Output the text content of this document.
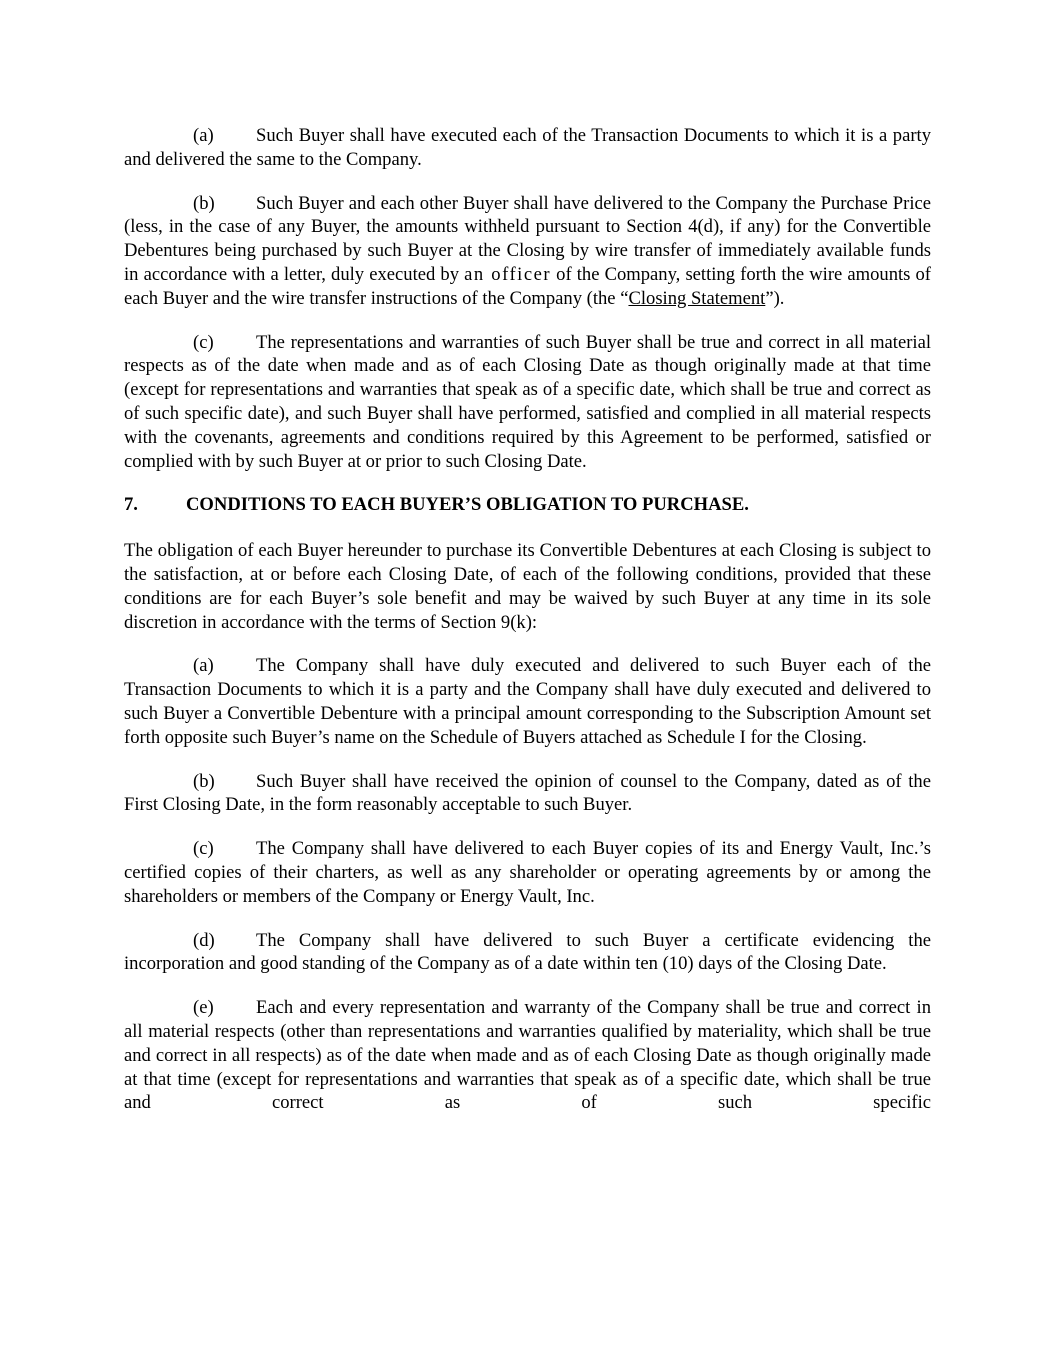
(a) Such Buyer shall have executed each of the Transaction Documents to which it is a party and delivered the same to the Company.

(b) Such Buyer and each other Buyer shall have delivered to the Company the Purchase Price (less, in the case of any Buyer, the amounts withheld pursuant to Section 4(d), if any) for the Convertible Debentures being purchased by such Buyer at the Closing by wire transfer of immediately available funds in accordance with a letter, duly executed by an officer of the Company, setting forth the wire amounts of each Buyer and the wire transfer instructions of the Company (the “Closing Statement”).

(c) The representations and warranties of such Buyer shall be true and correct in all material respects as of the date when made and as of each Closing Date as though originally made at that time (except for representations and warranties that speak as of a specific date, which shall be true and correct as of such specific date), and such Buyer shall have performed, satisfied and complied in all material respects with the covenants, agreements and conditions required by this Agreement to be performed, satisfied or complied with by such Buyer at or prior to such Closing Date.

7.	CONDITIONS TO EACH BUYER’S OBLIGATION TO PURCHASE.

The obligation of each Buyer hereunder to purchase its Convertible Debentures at each Closing is subject to the satisfaction, at or before each Closing Date, of each of the following conditions, provided that these conditions are for each Buyer’s sole benefit and may be waived by such Buyer at any time in its sole discretion in accordance with the terms of Section 9(k):

(a) The Company shall have duly executed and delivered to such Buyer each of the Transaction Documents to which it is a party and the Company shall have duly executed and delivered to such Buyer a Convertible Debenture with a principal amount corresponding to the Subscription Amount set forth opposite such Buyer’s name on the Schedule of Buyers attached as Schedule I for the Closing.

(b) Such Buyer shall have received the opinion of counsel to the Company, dated as of the First Closing Date, in the form reasonably acceptable to such Buyer.

(c) The Company shall have delivered to each Buyer copies of its and Energy Vault, Inc.’s certified copies of their charters, as well as any shareholder or operating agreements by or among the shareholders or members of the Company or Energy Vault, Inc.

(d) The Company shall have delivered to such Buyer a certificate evidencing the incorporation and good standing of the Company as of a date within ten (10) days of the Closing Date.

(e) Each and every representation and warranty of the Company shall be true and correct in all material respects (other than representations and warranties qualified by materiality, which shall be true and correct in all respects) as of the date when made and as of each Closing Date as though originally made at that time (except for representations and warranties that speak as of a specific date, which shall be true and correct as of such specific
